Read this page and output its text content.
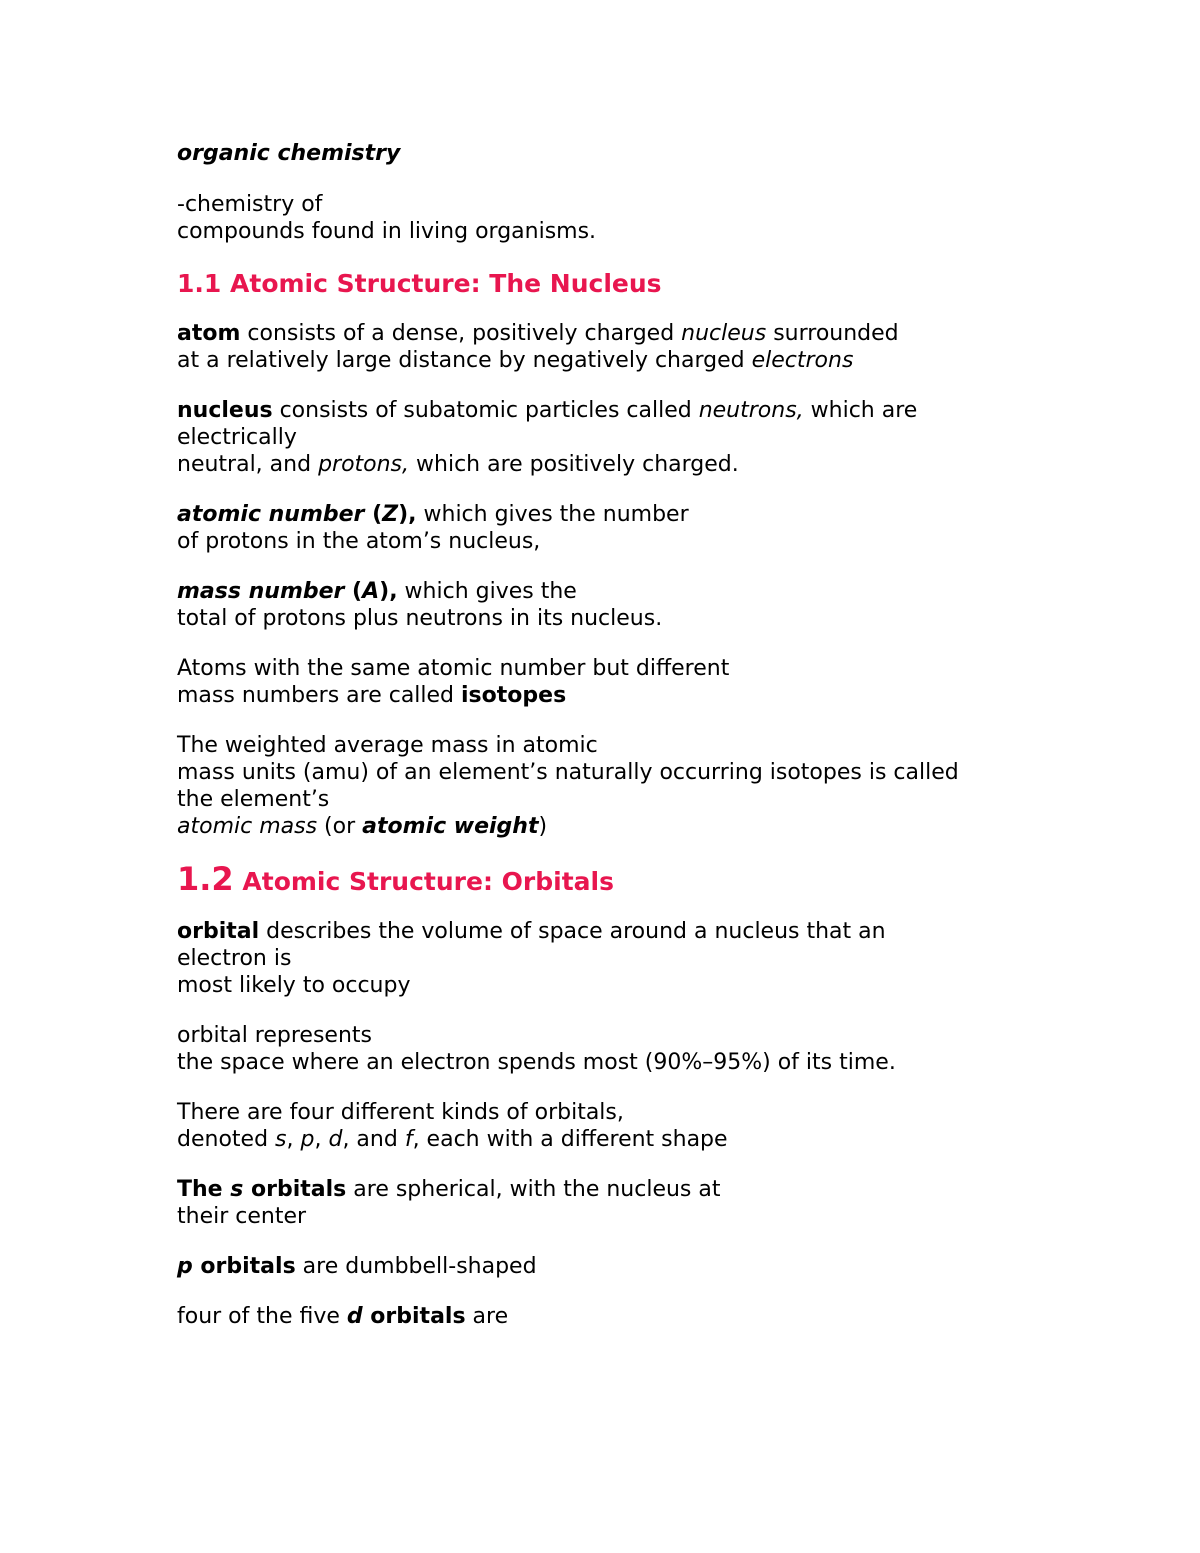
organic chemistry
-chemistry of
compounds found in living organisms.
1.1 Atomic Structure: The Nucleus
atom consists of a dense, positively charged nucleus surrounded
at a relatively large distance by negatively charged electrons
nucleus consists of subatomic particles called neutrons, which are
electrically
neutral, and protons, which are positively charged.
atomic number (Z), which gives the number
of protons in the atom’s nucleus,
mass number (A), which gives the
total of protons plus neutrons in its nucleus.
Atoms with the same atomic number but different
mass numbers are called isotopes
The weighted average mass in atomic
mass units (amu) of an element’s naturally occurring isotopes is called
the element’s
atomic mass (or atomic weight)
1.2 Atomic Structure: Orbitals
orbital describes the volume of space around a nucleus that an
electron is
most likely to occupy
orbital represents
the space where an electron spends most (90%–95%) of its time.
There are four different kinds of orbitals,
denoted s, p, d, and f, each with a different shape
The s orbitals are spherical, with the nucleus at
their center
p orbitals are dumbbell-shaped
four of the five d orbitals are
